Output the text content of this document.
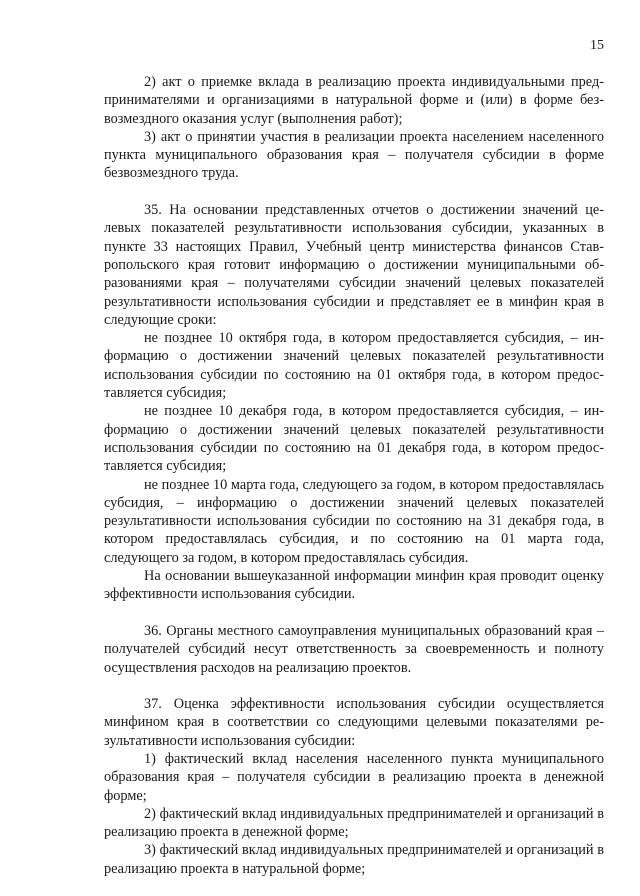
15

2) акт о приемке вклада в реализацию проекта индивидуальными предпринимателями и организациями в натуральной форме и (или) в форме безвозмездного оказания услуг (выполнения работ);

3) акт о принятии участия в реализации проекта населением населенного пункта муниципального образования края – получателя субсидии в форме безвозмездного труда.

35. На основании представленных отчетов о достижении значений целевых показателей результативности использования субсидии, указанных в пункте 33 настоящих Правил, Учебный центр министерства финансов Ставропольского края готовит информацию о достижении муниципальными образованиями края – получателями субсидии значений целевых показателей результативности использования субсидии и представляет ее в минфин края в следующие сроки:

не позднее 10 октября года, в котором предоставляется субсидия, – информацию о достижении значений целевых показателей результативности использования субсидии по состоянию на 01 октября года, в котором предоставляется субсидия;

не позднее 10 декабря года, в котором предоставляется субсидия, – информацию о достижении значений целевых показателей результативности использования субсидии по состоянию на 01 декабря года, в котором предоставляется субсидия;

не позднее 10 марта года, следующего за годом, в котором предоставлялась субсидия, – информацию о достижении значений целевых показателей результативности использования субсидии по состоянию на 31 декабря года, в котором предоставлялась субсидия, и по состоянию на 01 марта года, следующего за годом, в котором предоставлялась субсидия.

На основании вышеуказанной информации минфин края проводит оценку эффективности использования субсидии.

36. Органы местного самоуправления муниципальных образований края – получателей субсидий несут ответственность за своевременность и полноту осуществления расходов на реализацию проектов.

37. Оценка эффективности использования субсидии осуществляется минфином края в соответствии со следующими целевыми показателями результативности использования субсидии:

1) фактический вклад населения населенного пункта муниципального образования края – получателя субсидии в реализацию проекта в денежной форме;

2) фактический вклад индивидуальных предпринимателей и организаций в реализацию проекта в денежной форме;

3) фактический вклад индивидуальных предпринимателей и организаций в реализацию проекта в натуральной форме;
